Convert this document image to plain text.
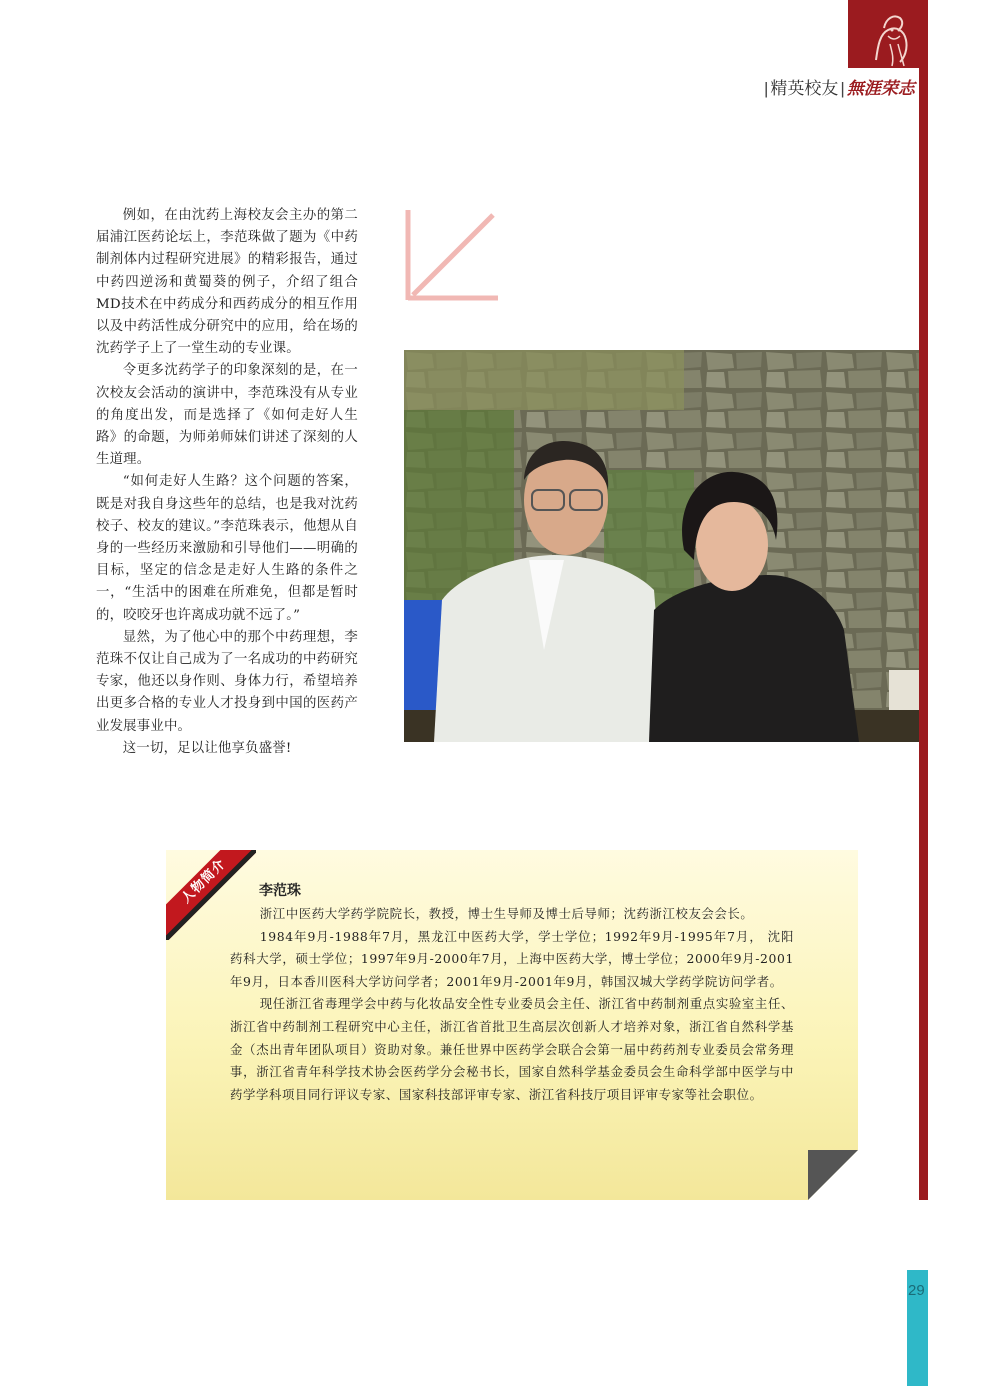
| 精英校友 | 無涯荣志
29

例如，在由沈药上海校友会主办的第二届浦江医药论坛上，李范珠做了题为《中药制剂体内过程研究进展》的精彩报告，通过中药四逆汤和黄蜀葵的例子，介绍了组合MD技术在中药成分和西药成分的相互作用以及中药活性成分研究中的应用，给在场的沈药学子上了一堂生动的专业课。

令更多沈药学子的印象深刻的是，在一次校友会活动的演讲中，李范珠没有从专业的角度出发，而是选择了《如何走好人生路》的命题，为师弟师妹们讲述了深刻的人生道理。

“如何走好人生路？这个问题的答案，既是对我自身这些年的总结，也是我对沈药校子、校友的建议。”李范珠表示，他想从自身的一些经历来激励和引导他们——明确的目标，坚定的信念是走好人生路的条件之一，“生活中的困难在所难免，但都是暂时的，咬咬牙也许离成功就不远了。”

显然，为了他心中的那个中药理想，李范珠不仅让自己成为了一名成功的中药研究专家，他还以身作则、身体力行，希望培养出更多合格的专业人才投身到中国的医药产业发展事业中。

这一切，足以让他享负盛誉!

人物简介	李范珠

浙江中医药大学药学院院长，教授，博士生导师及博士后导师；沈药浙江校友会会长。

1984年9月-1988年7月，黑龙江中医药大学，学士学位；1992年9月-1995年7月， 沈阳药科大学，硕士学位；1997年9月-2000年7月，上海中医药大学，博士学位；2000年9月-2001年9月，日本香川医科大学访问学者；2001年9月-2001年9月，韩国汉城大学药学院访问学者。

现任浙江省毒理学会中药与化妆品安全性专业委员会主任、浙江省中药制剂重点实验室主任、浙江省中药制剂工程研究中心主任，浙江省首批卫生高层次创新人才培养对象，浙江省自然科学基金（杰出青年团队项目）资助对象。兼任世界中医药学会联合会第一届中药药剂专业委员会常务理事，浙江省青年科学技术协会医药学分会秘书长，国家自然科学基金委员会生命科学部中医学与中药学学科项目同行评议专家、国家科技部评审专家、浙江省科技厅项目评审专家等社会职位。
